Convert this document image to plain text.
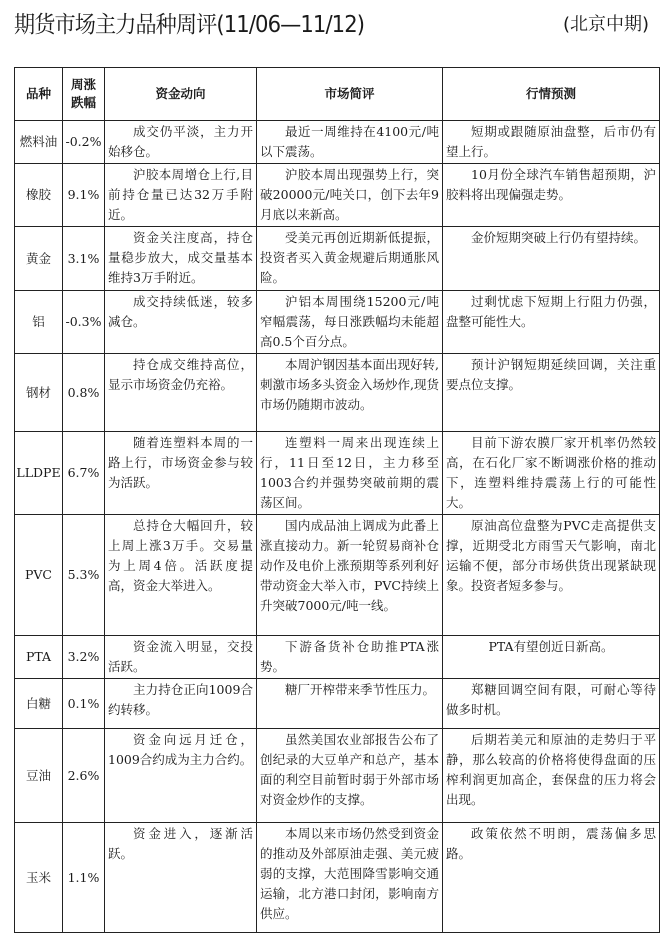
期货市场主力品种周评(11/06—11/12)	(北京中期)
品种	周涨跌幅	资金动向	市场简评	行情预测
燃料油	-0.2%	成交仍平淡，主力开始移仓。	最近一周维持在4100元/吨以下震荡。	短期或跟随原油盘整，后市仍有望上行。
橡胶	9.1%	沪胶本周增仓上行,目前持仓量已达32万手附近。	沪胶本周出现强势上行，突破20000元/吨关口，创下去年9月底以来新高。	10月份全球汽车销售超预期，沪胶料将出现偏强走势。
黄金	3.1%	资金关注度高，持仓量稳步放大，成交量基本维持3万手附近。	受美元再创近期新低提振，投资者买入黄金规避后期通胀风险。	金价短期突破上行仍有望持续。
铝	-0.3%	成交持续低迷，较多减仓。	沪铝本周围绕15200元/吨窄幅震荡，每日涨跌幅均未能超高0.5个百分点。	过剩忧虑下短期上行阻力仍强，盘整可能性大。
钢材	0.8%	持仓成交维持高位，显示市场资金仍充裕。	本周沪钢因基本面出现好转,刺激市场多头资金入场炒作,现货市场仍随期市波动。	预计沪钢短期延续回调，关注重要点位支撑。
LLDPE	6.7%	随着连塑料本周的一路上行，市场资金参与较为活跃。	连塑料一周来出现连续上行，11日至12日，主力移至1003合约并强势突破前期的震荡区间。	目前下游农膜厂家开机率仍然较高，在石化厂家不断调涨价格的推动下，连塑料维持震荡上行的可能性大。
PVC	5.3%	总持仓大幅回升，较上周上涨3万手。交易量为上周4倍。活跃度提高，资金大举进入。	国内成品油上调成为此番上涨直接动力。新一轮贸易商补仓动作及电价上涨预期等系列利好带动资金大举入市，PVC持续上升突破7000元/吨一线。	原油高位盘整为PVC走高提供支撑，近期受北方雨雪天气影响，南北运输不便，部分市场供货出现紧缺现象。投资者短多参与。
PTA	3.2%	资金流入明显，交投活跃。	下游备货补仓助推PTA涨势。	PTA有望创近日新高。
白糖	0.1%	主力持仓正向1009合约转移。	糖厂开榨带来季节性压力。	郑糖回调空间有限，可耐心等待做多时机。
豆油	2.6%	资金向远月迁仓，1009合约成为主力合约。	虽然美国农业部报告公布了创纪录的大豆单产和总产，基本面的利空目前暂时弱于外部市场对资金炒作的支撑。	后期若美元和原油的走势归于平静，那么较高的价格将使得盘面的压榨利润更加高企，套保盘的压力将会出现。
玉米	1.1%	资金进入，逐渐活跃。	本周以来市场仍然受到资金的推动及外部原油走强、美元疲弱的支撑，大范围降雪影响交通运输，北方港口封闭，影响南方供应。	政策依然不明朗，震荡偏多思路。
